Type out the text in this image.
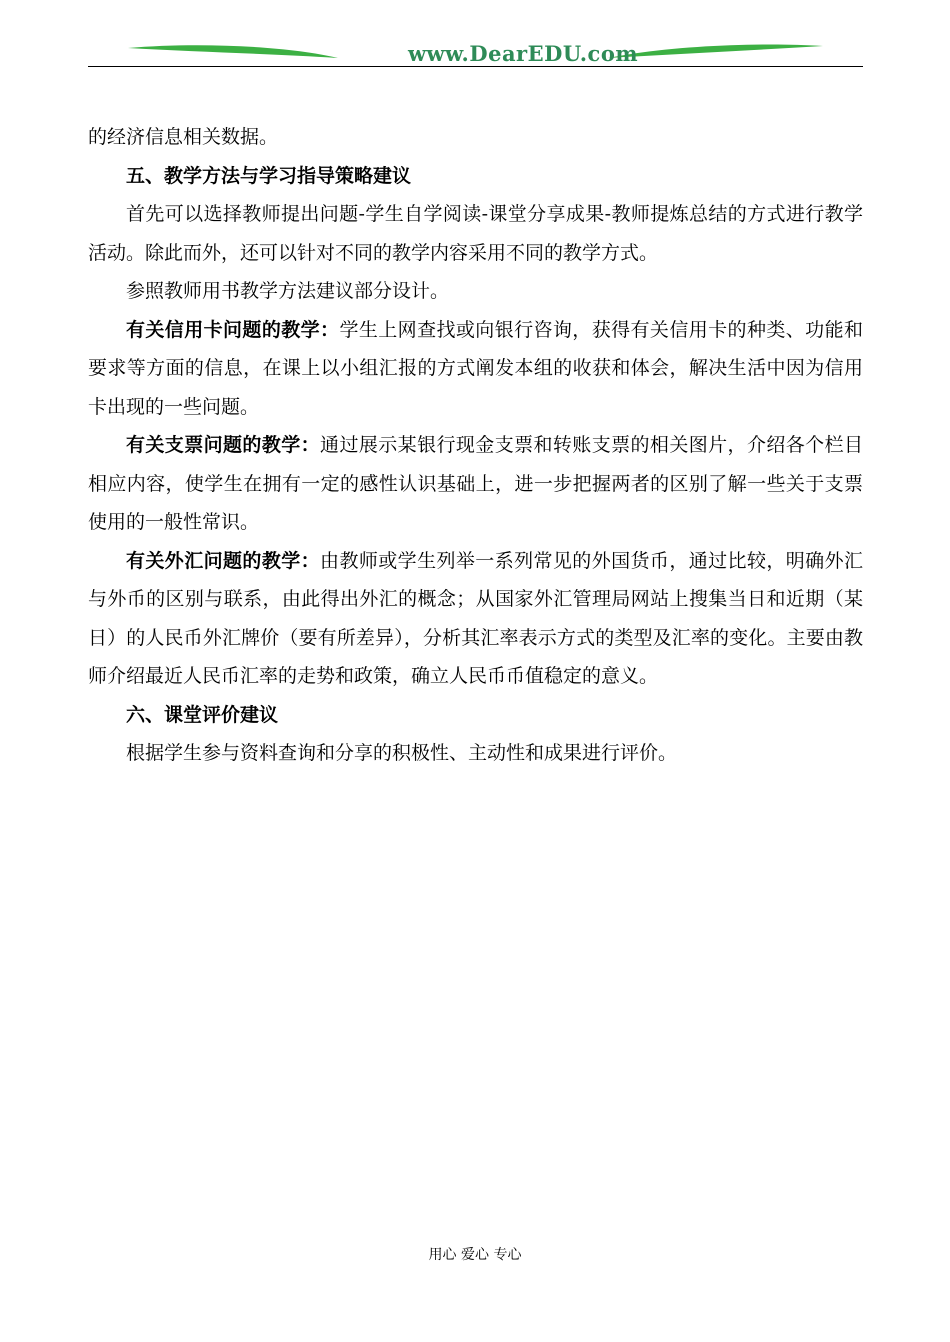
www.DearEDU.com

的经济信息相关数据。

五、教学方法与学习指导策略建议

首先可以选择教师提出问题-学生自学阅读-课堂分享成果-教师提炼总结的方式进行教学活动。除此而外，还可以针对不同的教学内容采用不同的教学方式。

参照教师用书教学方法建议部分设计。

有关信用卡问题的教学：学生上网查找或向银行咨询，获得有关信用卡的种类、功能和要求等方面的信息，在课上以小组汇报的方式阐发本组的收获和体会，解决生活中因为信用卡出现的一些问题。

有关支票问题的教学：通过展示某银行现金支票和转账支票的相关图片，介绍各个栏目相应内容，使学生在拥有一定的感性认识基础上，进一步把握两者的区别了解一些关于支票使用的一般性常识。

有关外汇问题的教学：由教师或学生列举一系列常见的外国货币，通过比较，明确外汇与外币的区别与联系，由此得出外汇的概念；从国家外汇管理局网站上搜集当日和近期（某日）的人民币外汇牌价（要有所差异），分析其汇率表示方式的类型及汇率的变化。主要由教师介绍最近人民币汇率的走势和政策，确立人民币币值稳定的意义。

六、课堂评价建议

根据学生参与资料查询和分享的积极性、主动性和成果进行评价。

用心 爱心 专心
